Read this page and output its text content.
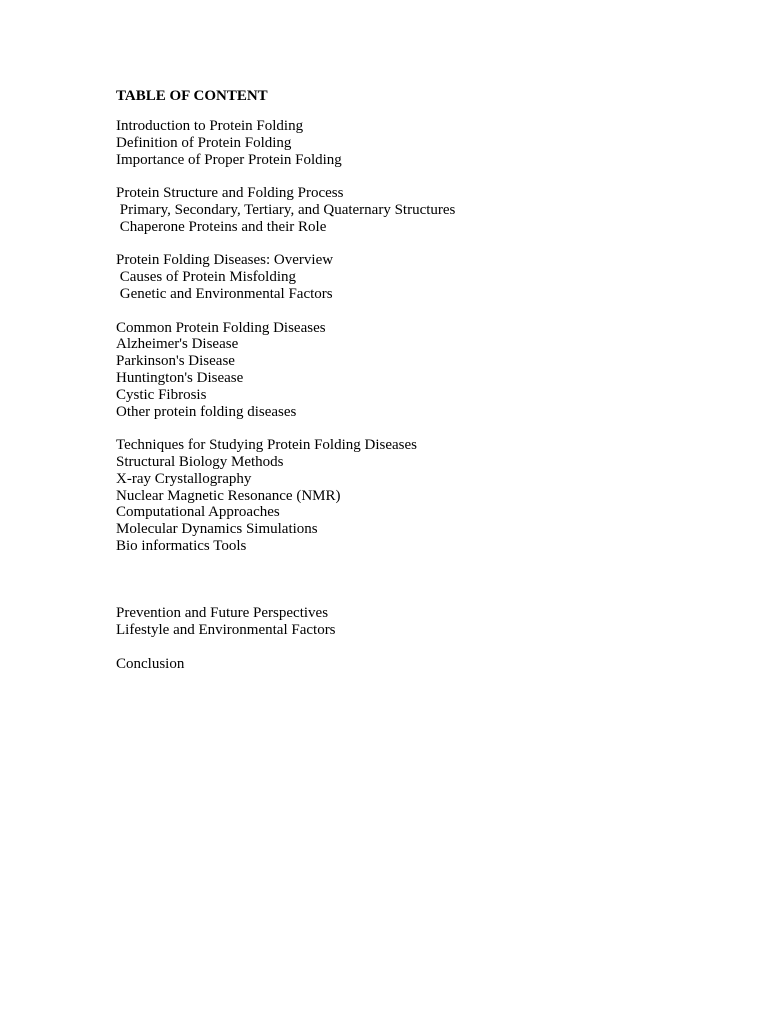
TABLE OF CONTENT
Introduction to Protein Folding
Definition of Protein Folding
Importance of Proper Protein Folding
Protein Structure and Folding Process
Primary, Secondary, Tertiary, and Quaternary Structures
Chaperone Proteins and their Role
Protein Folding Diseases: Overview
Causes of Protein Misfolding
Genetic and Environmental Factors
Common Protein Folding Diseases
Alzheimer's Disease
Parkinson's Disease
Huntington's Disease
Cystic Fibrosis
Other protein folding diseases
Techniques for Studying Protein Folding Diseases
Structural Biology Methods
X-ray Crystallography
Nuclear Magnetic Resonance (NMR)
Computational Approaches
Molecular Dynamics Simulations
Bio informatics Tools
Prevention and Future Perspectives
Lifestyle and Environmental Factors
Conclusion
